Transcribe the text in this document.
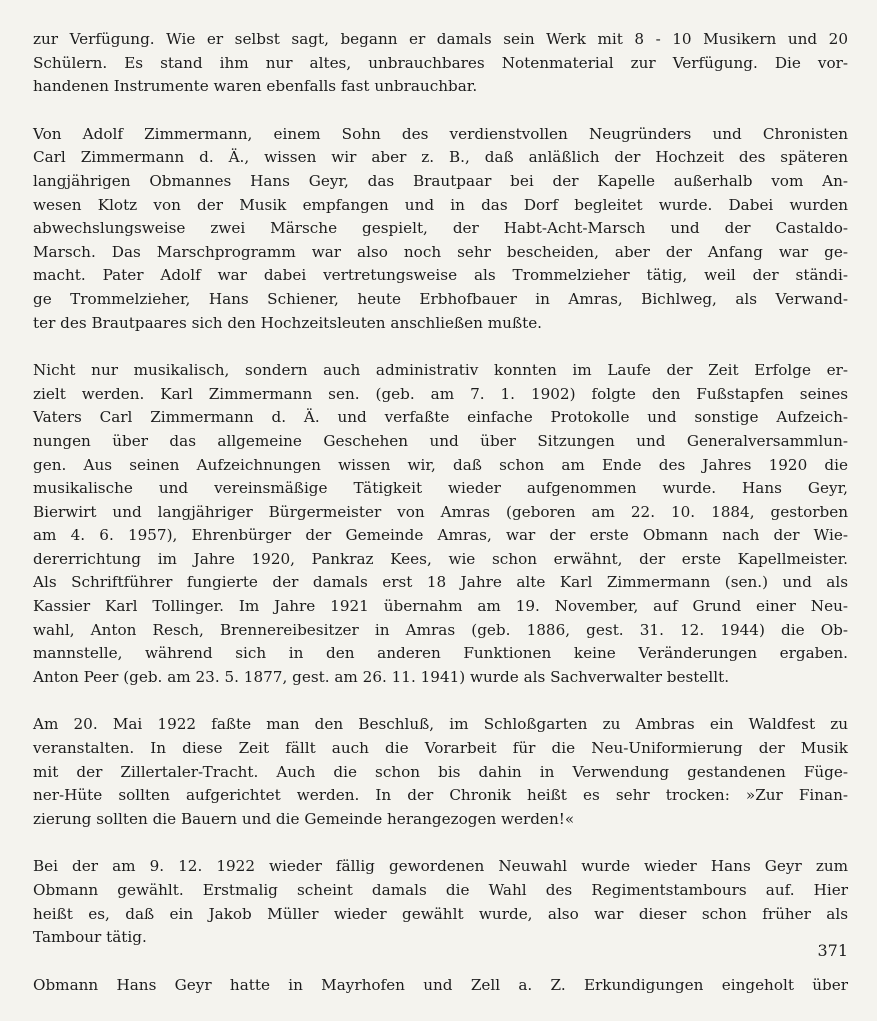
zur Verfügung. Wie er selbst sagt, begann er damals sein Werk mit 8 - 10 Musikern und 20
Schülern. Es stand ihm nur altes, unbrauchbares Notenmaterial zur Verfügung. Die vor-
handenen Instrumente waren ebenfalls fast unbrauchbar.

Von Adolf Zimmermann, einem Sohn des verdienstvollen Neugründers und Chronisten
Carl Zimmermann d. Ä., wissen wir aber z. B., daß anläßlich der Hochzeit des späteren
langjährigen Obmannes Hans Geyr, das Brautpaar bei der Kapelle außerhalb vom An-
wesen Klotz von der Musik empfangen und in das Dorf begleitet wurde. Dabei wurden
abwechslungsweise zwei Märsche gespielt, der Habt-Acht-Marsch und der Castaldo-
Marsch. Das Marschprogramm war also noch sehr bescheiden, aber der Anfang war ge-
macht. Pater Adolf war dabei vertretungsweise als Trommelzieher tätig, weil der ständi-
ge Trommelzieher, Hans Schiener, heute Erbhofbauer in Amras, Bichlweg, als Verwand-
ter des Brautpaares sich den Hochzeitsleuten anschließen mußte.

Nicht nur musikalisch, sondern auch administrativ konnten im Laufe der Zeit Erfolge er-
zielt werden. Karl Zimmermann sen. (geb. am 7. 1. 1902) folgte den Fußstapfen seines
Vaters Carl Zimmermann d. Ä. und verfaßte einfache Protokolle und sonstige Aufzeich-
nungen über das allgemeine Geschehen und über Sitzungen und Generalversammlun-
gen. Aus seinen Aufzeichnungen wissen wir, daß schon am Ende des Jahres 1920 die
musikalische und vereinsmäßige Tätigkeit wieder aufgenommen wurde. Hans Geyr,
Bierwirt und langjähriger Bürgermeister von Amras (geboren am 22. 10. 1884, gestorben
am 4. 6. 1957), Ehrenbürger der Gemeinde Amras, war der erste Obmann nach der Wie-
dererrichtung im Jahre 1920, Pankraz Kees, wie schon erwähnt, der erste Kapellmeister.
Als Schriftführer fungierte der damals erst 18 Jahre alte Karl Zimmermann (sen.) und als
Kassier Karl Tollinger. Im Jahre 1921 übernahm am 19. November, auf Grund einer Neu-
wahl, Anton Resch, Brennereibesitzer in Amras (geb. 1886, gest. 31. 12. 1944) die Ob-
mannstelle, während sich in den anderen Funktionen keine Veränderungen ergaben.
Anton Peer (geb. am 23. 5. 1877, gest. am 26. 11. 1941) wurde als Sachverwalter bestellt.

Am 20. Mai 1922 faßte man den Beschluß, im Schloßgarten zu Ambras ein Waldfest zu
veranstalten. In diese Zeit fällt auch die Vorarbeit für die Neu-Uniformierung der Musik
mit der Zillertaler-Tracht. Auch die schon bis dahin in Verwendung gestandenen Füge-
ner-Hüte sollten aufgerichtet werden. In der Chronik heißt es sehr trocken: »Zur Finan-
zierung sollten die Bauern und die Gemeinde herangezogen werden!«

Bei der am 9. 12. 1922 wieder fällig gewordenen Neuwahl wurde wieder Hans Geyr zum
Obmann gewählt. Erstmalig scheint damals die Wahl des Regimentstambours auf. Hier
heißt es, daß ein Jakob Müller wieder gewählt wurde, also war dieser schon früher als
Tambour tätig.

Obmann Hans Geyr hatte in Mayrhofen und Zell a. Z. Erkundigungen eingeholt über

371
